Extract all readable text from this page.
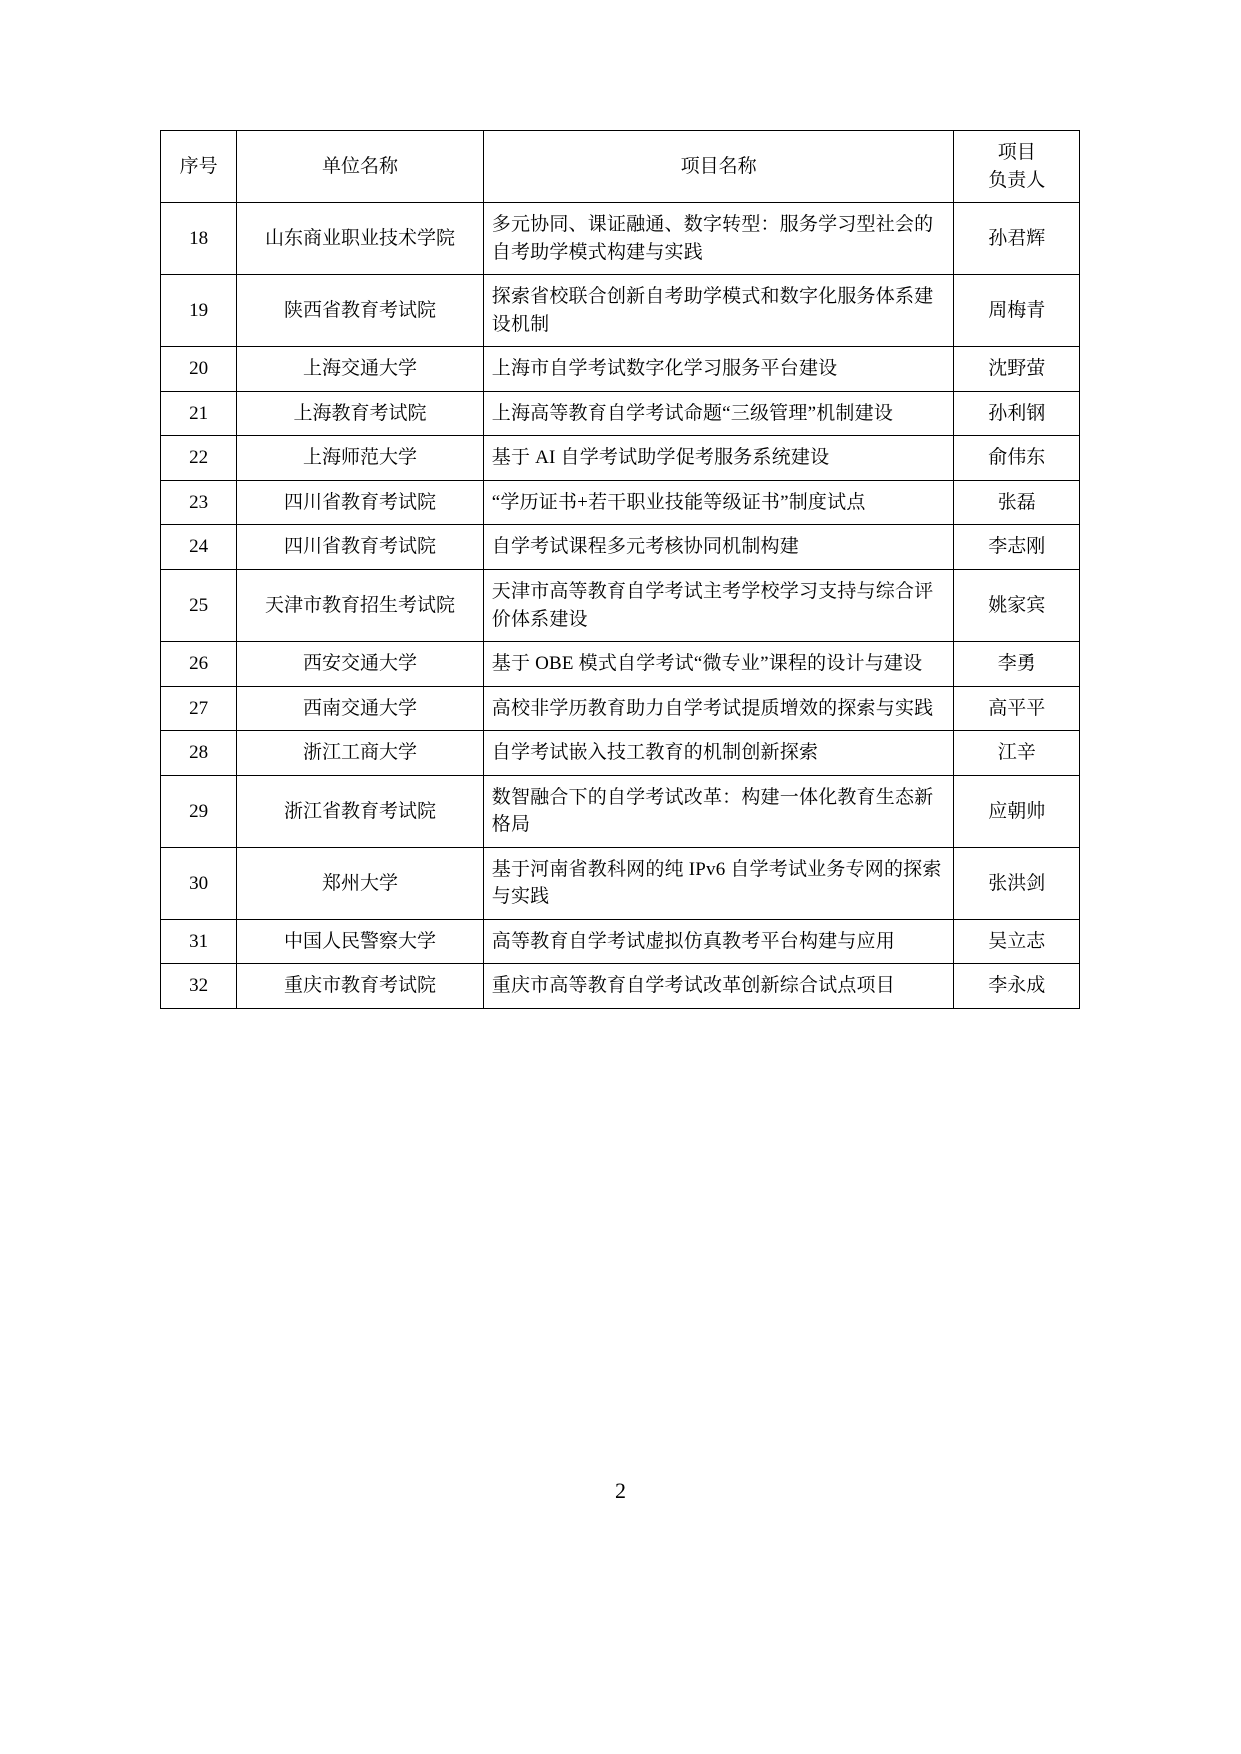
序号	单位名称	项目名称	项目
负责人

18	山东商业职业技术学院	多元协同、课证融通、数字转型：服务学习型社会的自考助学模式构建与实践	孙君辉
19	陕西省教育考试院	探索省校联合创新自考助学模式和数字化服务体系建设机制	周梅青
20	上海交通大学	上海市自学考试数字化学习服务平台建设	沈野萤
21	上海教育考试院	上海高等教育自学考试命题“三级管理”机制建设	孙利钢
22	上海师范大学	基于 AI 自学考试助学促考服务系统建设	俞伟东
23	四川省教育考试院	“学历证书+若干职业技能等级证书”制度试点	张磊
24	四川省教育考试院	自学考试课程多元考核协同机制构建	李志刚
25	天津市教育招生考试院	天津市高等教育自学考试主考学校学习支持与综合评价体系建设	姚家宾
26	西安交通大学	基于 OBE 模式自学考试“微专业”课程的设计与建设	李勇
27	西南交通大学	高校非学历教育助力自学考试提质增效的探索与实践	高平平
28	浙江工商大学	自学考试嵌入技工教育的机制创新探索	江辛
29	浙江省教育考试院	数智融合下的自学考试改革：构建一体化教育生态新格局	应朝帅
30	郑州大学	基于河南省教科网的纯 IPv6 自学考试业务专网的探索与实践	张洪剑
31	中国人民警察大学	高等教育自学考试虚拟仿真教考平台构建与应用	吴立志
32	重庆市教育考试院	重庆市高等教育自学考试改革创新综合试点项目	李永成
2
